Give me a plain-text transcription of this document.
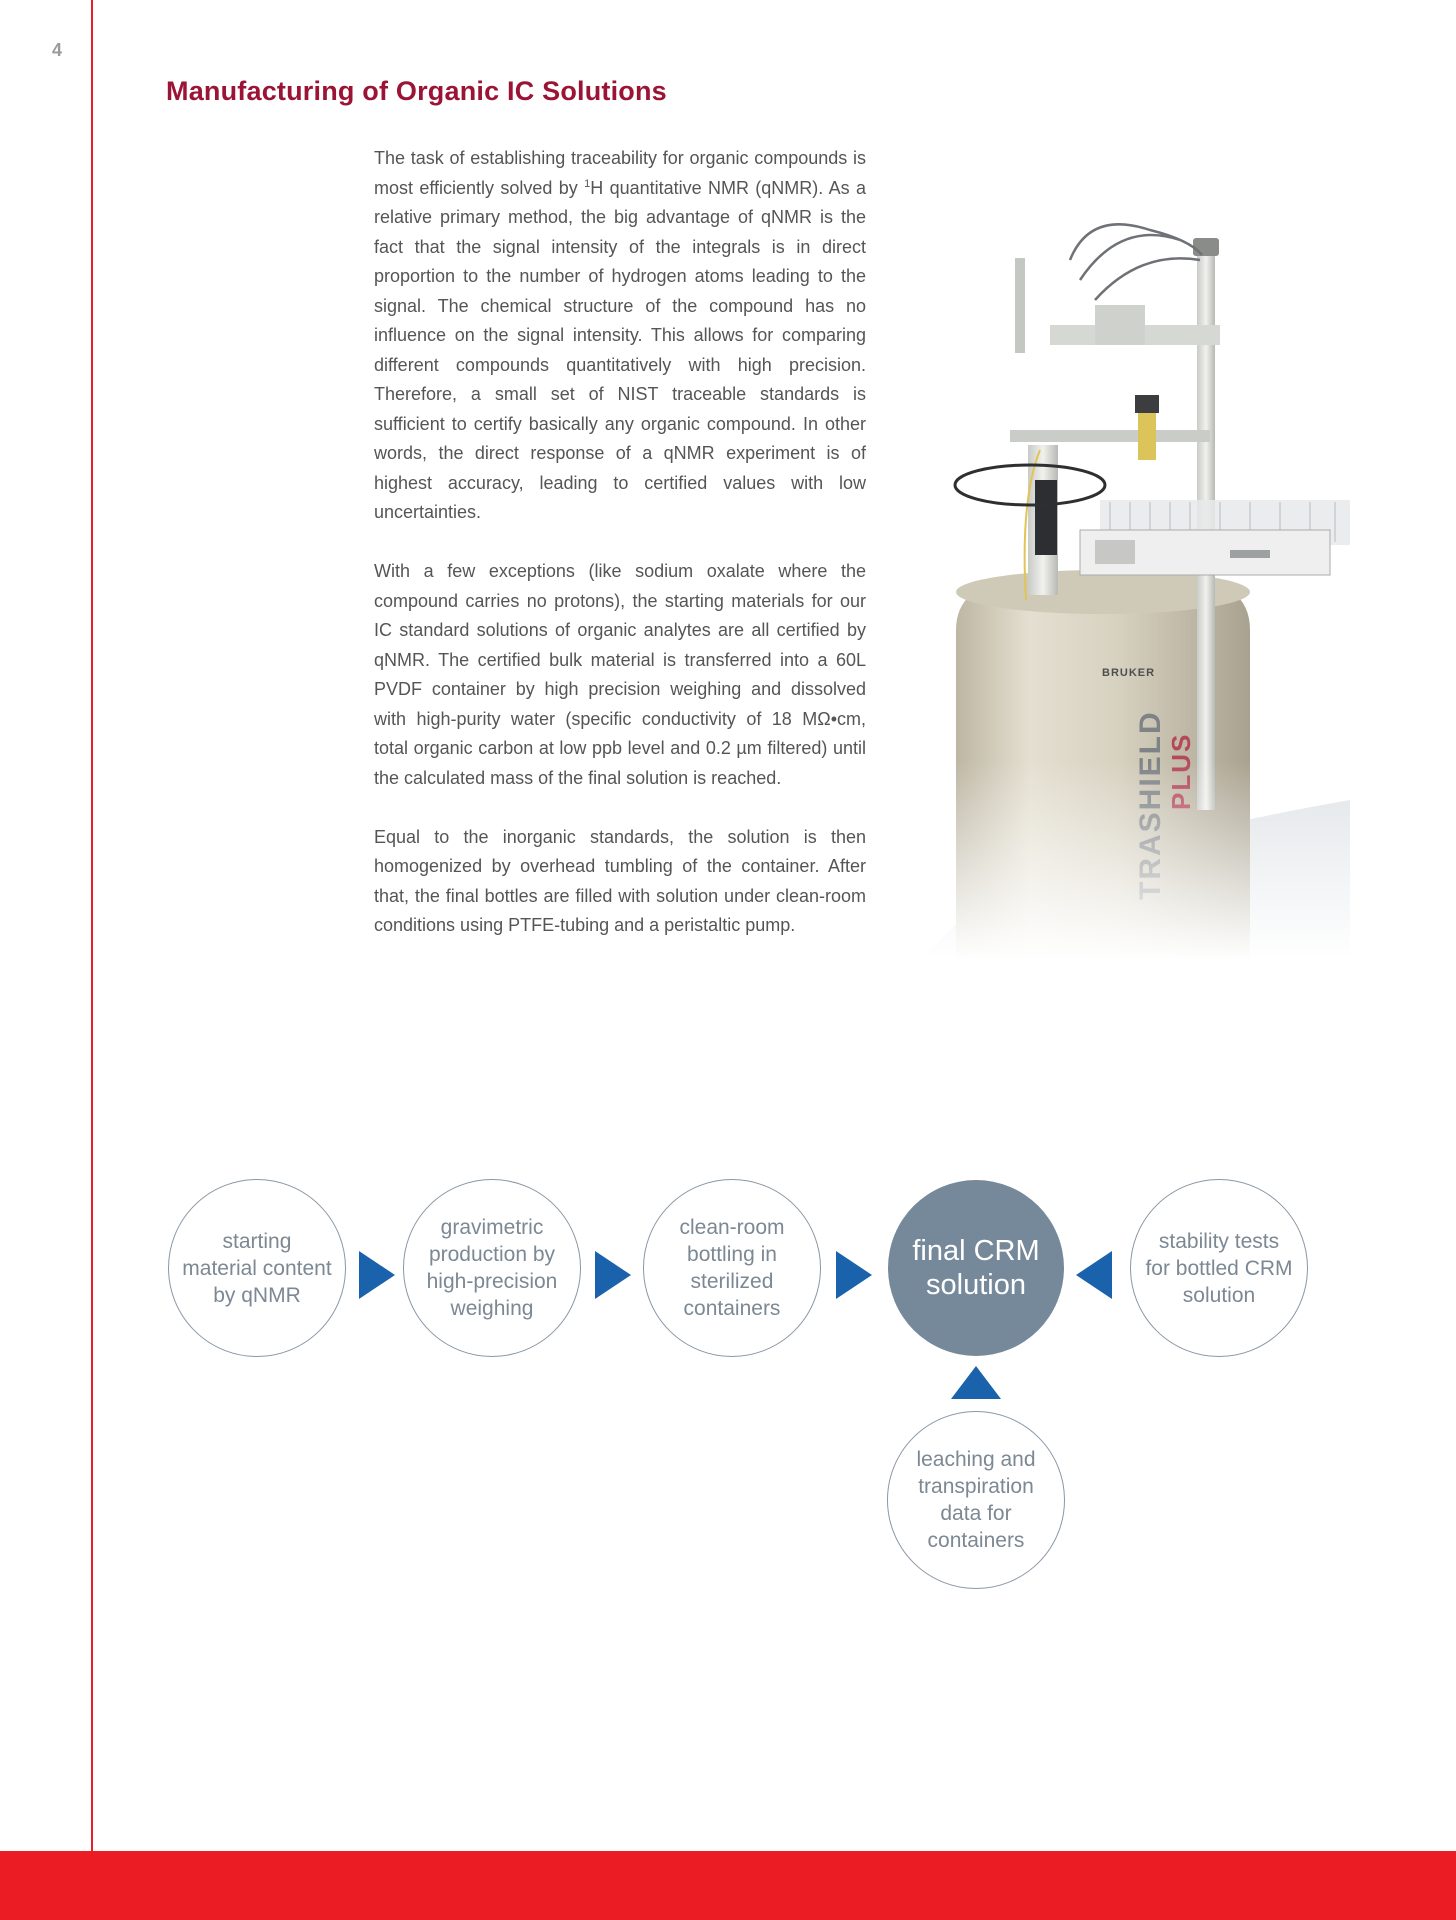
4
Manufacturing of Organic IC Solutions

The task of establishing traceability for organic compounds is most efficiently solved by $^1$H quantitative NMR (qNMR). As a relative primary method, the big advantage of qNMR is the fact that the signal intensity of the integrals is in direct proportion to the number of hydrogen atoms leading to the signal. The chemical structure of the compound has no influence on the signal intensity. This allows for comparing different compounds quantitatively with high precision. Therefore, a small set of NIST traceable standards is sufficient to certify basically any organic compound. In other words, the direct response of a qNMR experiment is of highest accuracy, leading to certified values with low uncertainties.

With a few exceptions (like sodium oxalate where the compound carries no protons), the starting materials for our IC standard solutions of organic analytes are all certified by qNMR. The certified bulk material is transferred into a 60L PVDF container by high precision weighing and dissolved with high-purity water (specific conductivity of 18 MΩ•cm, total organic carbon at low ppb level and 0.2 µm filtered) until the calculated mass of the final solution is reached.

Equal to the inorganic standards, the solution is then homogenized by overhead tumbling of the container. After that, the final bottles are filled with solution under clean-room conditions using PTFE-tubing and a peristaltic pump.

BRUKER
starting
material content
by qNMR
gravimetric
production by
high-precision
weighing
clean-room
bottling in
sterilized
containers
final CRM
solution
stability tests
for bottled CRM
solution
leaching and
transpiration
data for
containers
